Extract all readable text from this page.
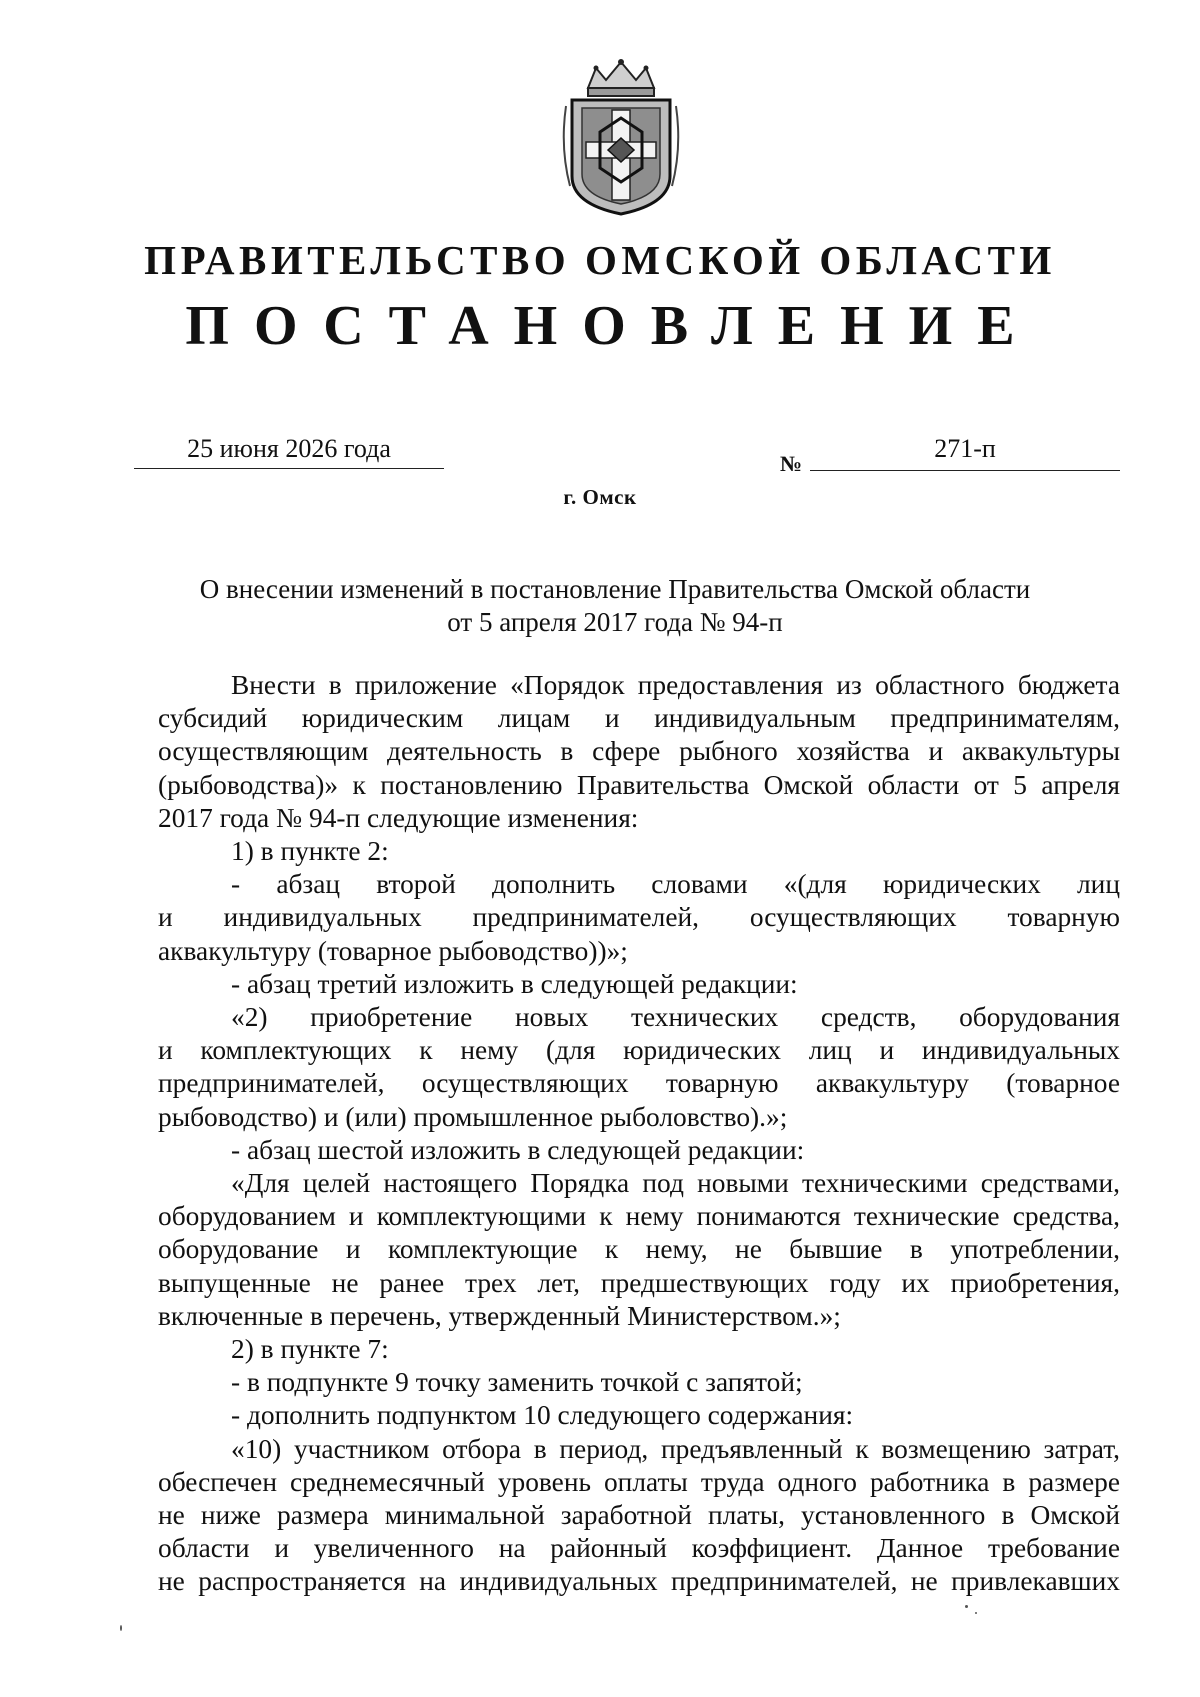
ПРАВИТЕЛЬСТВО ОМСКОЙ ОБЛАСТИ
ПОСТАНОВЛЕНИЕ
25 июня 2026 года
№
271-п
г. Омск
О внесении изменений в постановление Правительства Омской области
от 5 апреля 2017 года № 94-п

Внести в приложение «Порядок предоставления из областного бюджета

субсидий юридическим лицам и индивидуальным предпринимателям,

осуществляющим деятельность в сфере рыбного хозяйства и аквакультуры

(рыбоводства)» к постановлению Правительства Омской области от 5 апреля

2017 года № 94-п следующие изменения:

1) в пункте 2:

- абзац второй дополнить словами «(для юридических лиц

и индивидуальных предпринимателей, осуществляющих товарную

аквакультуру (товарное рыбоводство))»;

- абзац третий изложить в следующей редакции:

«2) приобретение новых технических средств, оборудования

и комплектующих к нему (для юридических лиц и индивидуальных

предпринимателей, осуществляющих товарную аквакультуру (товарное

рыбоводство) и (или) промышленное рыболовство).»;

- абзац шестой изложить в следующей редакции:

«Для целей настоящего Порядка под новыми техническими средствами,

оборудованием и комплектующими к нему понимаются технические средства,

оборудование и комплектующие к нему, не бывшие в употреблении,

выпущенные не ранее трех лет, предшествующих году их приобретения,

включенные в перечень, утвержденный Министерством.»;

2) в пункте 7:

- в подпункте 9 точку заменить точкой с запятой;

- дополнить подпунктом 10 следующего содержания:

«10) участником отбора в период, предъявленный к возмещению затрат,

обеспечен среднемесячный уровень оплаты труда одного работника в размере

не ниже размера минимальной заработной платы, установленного в Омской

области и увеличенного на районный коэффициент. Данное требование

не распространяется на индивидуальных предпринимателей, не привлекавших
